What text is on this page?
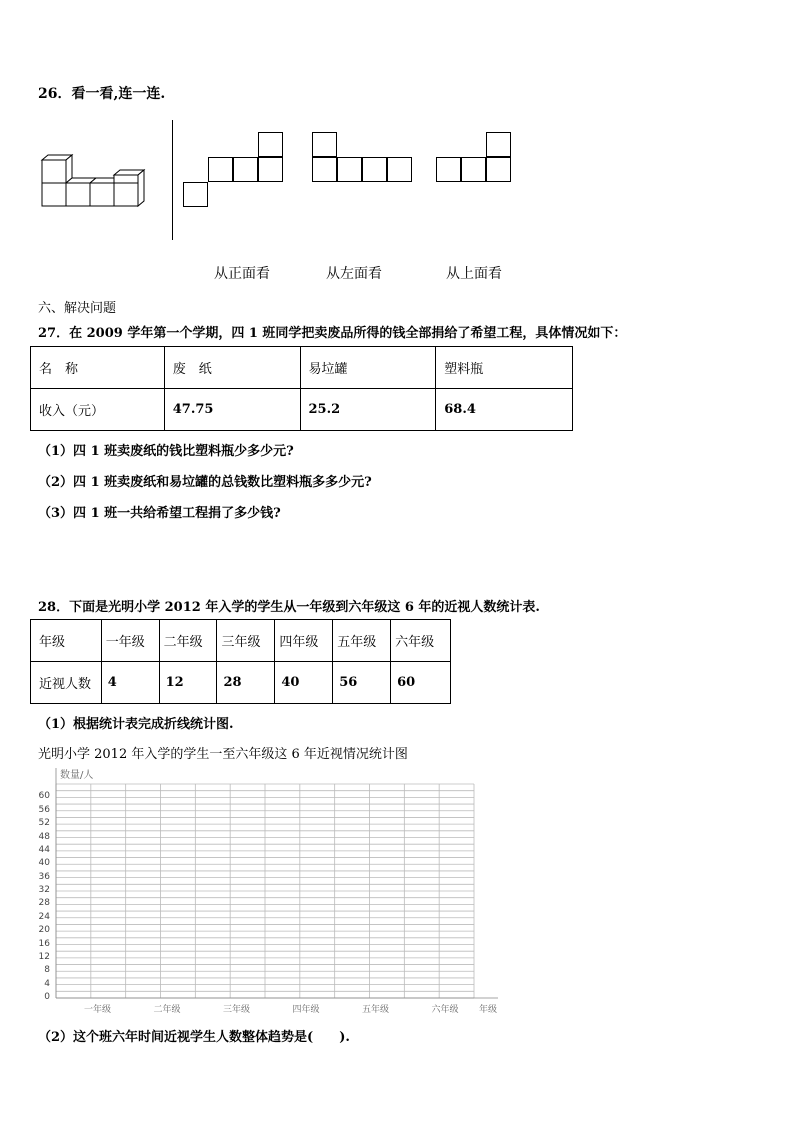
26．看一看,连一连.
从正面看	从左面看	从上面看
六、解决问题
27．在 2009 学年第一个学期，四 1 班同学把卖废品所得的钱全部捐给了希望工程，具体情况如下：
名　称	废　纸	易垃罐	塑料瓶
收入（元）	47.75	25.2	68.4
（1）四 1 班卖废纸的钱比塑料瓶少多少元?
（2）四 1 班卖废纸和易垃罐的总钱数比塑料瓶多多少元?
（3）四 1 班一共给希望工程捐了多少钱?
28．下面是光明小学 2012 年入学的学生从一年级到六年级这 6 年的近视人数统计表.
年级	一年级	二年级	三年级	四年级	五年级	六年级
近视人数	4	12	28	40	56	60
（1）根据统计表完成折线统计图.
光明小学 2012 年入学的学生一至六年级这 6 年近视情况统计图
数量/人
0
4
8
12
16
20
24
28
32
36
40
44
48
52
56
60
一年级	二年级	三年级	四年级	五年级	六年级 年级
（2）这个班六年时间近视学生人数整体趋势是(　　).
